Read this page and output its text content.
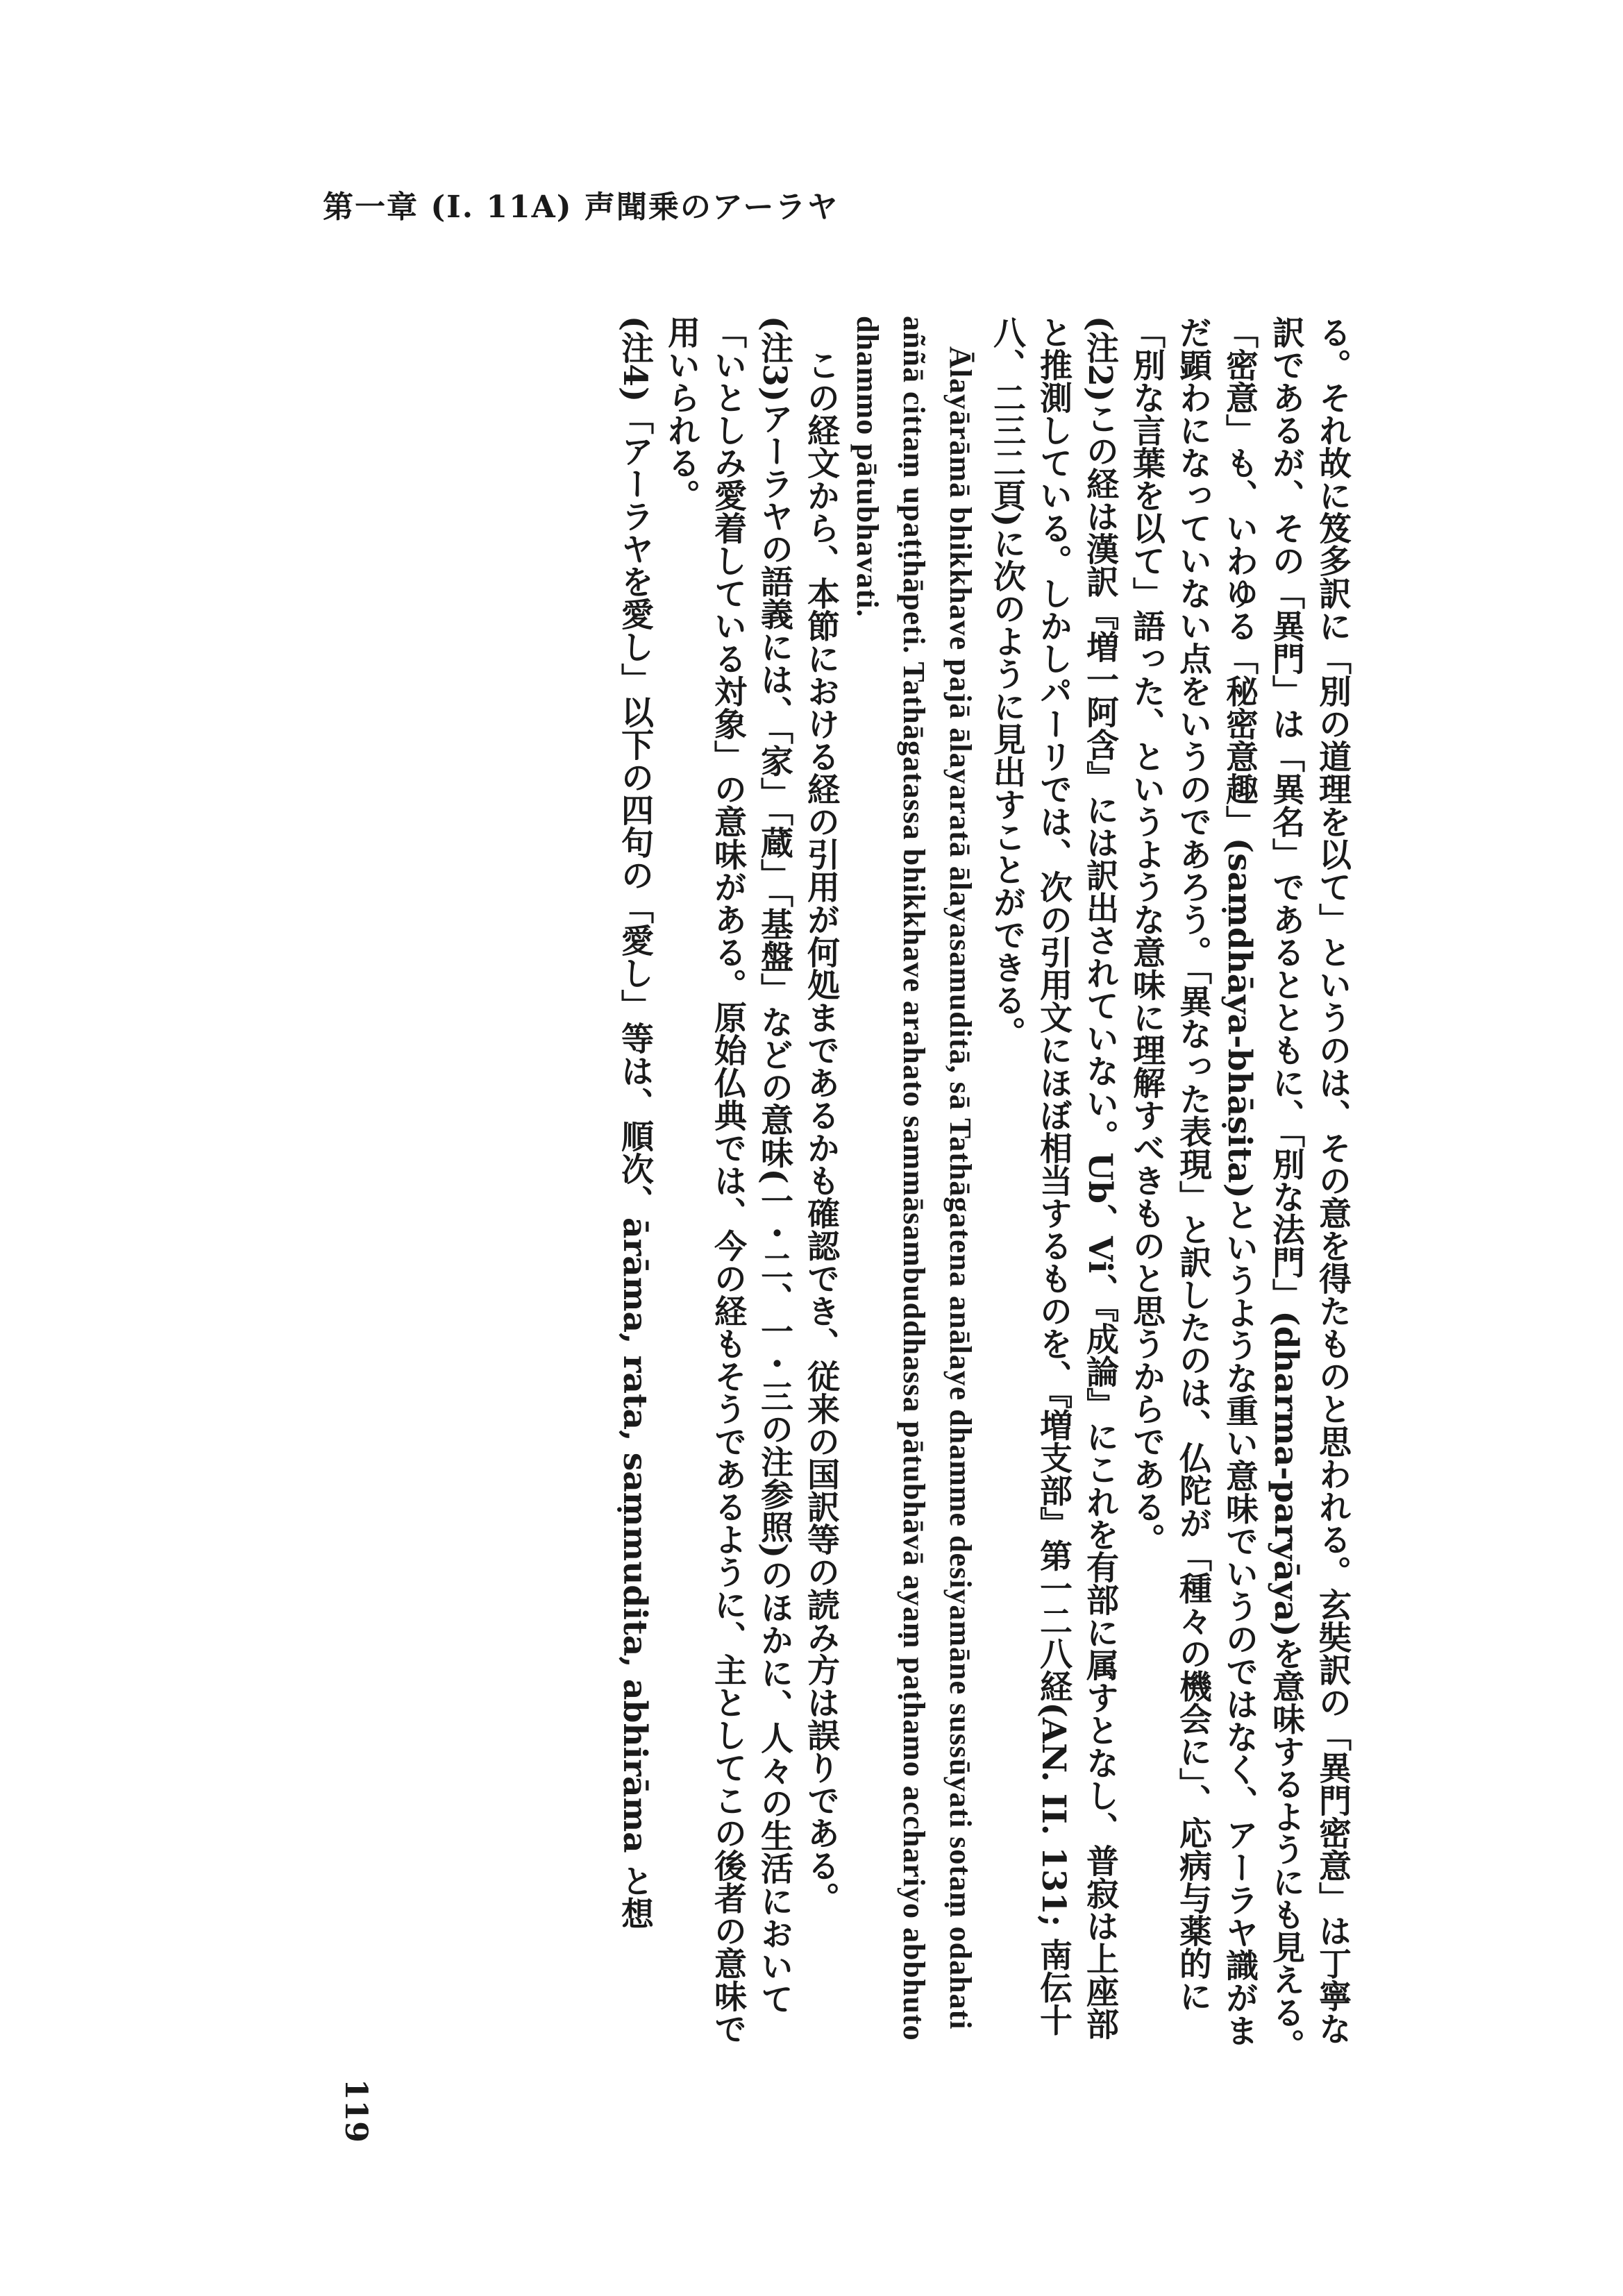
第一章 (I. 11A) 声聞乗のアーラヤ

る。それ故に笈多訳に「別の道理を以て」というのは、その意を得たものと思われる。玄奘訳の「異門密意」は丁寧な訳であるが、その「異門」は「異名」であるとともに、「別な法門」(dharma-paryāya)を意味するようにも見える。「密意」も、いわゆる「秘密意趣」(saṃdhāya-bhāṣita)というような重い意味でいうのではなく、アーラヤ識がまだ顕わになっていない点をいうのであろう。「異なった表現」と訳したのは、仏陀が「種々の機会に」、応病与薬的に「別な言葉を以て」語った、というような意味に理解すべきものと思うからである。

(注2)この経は漢訳『増一阿含』には訳出されていない。Ub、Vi、『成論』にこれを有部に属すとなし、普寂は上座部と推測している。しかしパーリでは、次の引用文にほぼ相当するものを、『増支部』第一二八経(AN. II. 131; 南伝十八、二三二頁)に次のように見出すことができる。

Ālayārāmā bhikkhave pajā ālayaratā ālayasamuditā, sā Tathāgatena anālaye dhamme desiyamāne sussūyati sotaṃ odahati aññā cittaṃ upaṭṭhāpeti. Tathāgatassa bhikkhave arahato sammāsambuddhassa pātubhāvā ayaṃ paṭhamo acchariyo abbhuto dhammo pātubhavati.

この経文から、本節における経の引用が何処まであるかも確認でき、従来の国訳等の読み方は誤りである。

(注3)アーラヤの語義には、「家」「蔵」「基盤」などの意味(一・二、一・三の注参照)のほかに、人々の生活において「いとしみ愛着している対象」の意味がある。原始仏典では、今の経もそうであるように、主としてこの後者の意味で用いられる。

(注4)「アーラヤを愛し」以下の四句の「愛し」等は、順次、ārāma, rata, saṃmudita, abhirāma と想

119
